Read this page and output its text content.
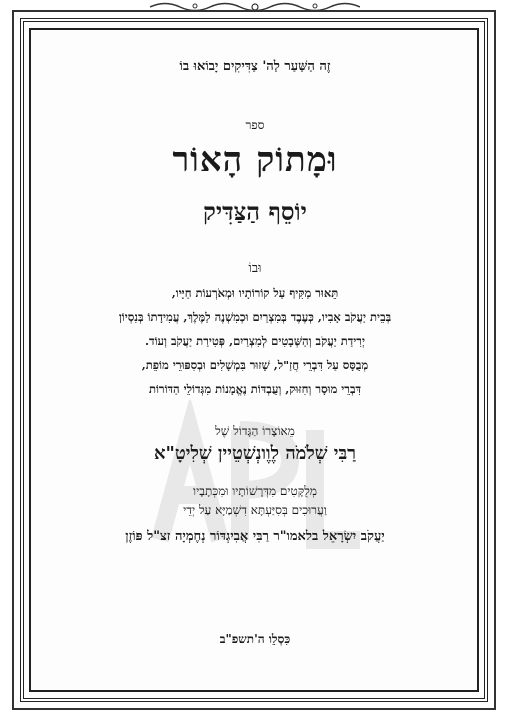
זֶה הַשַּׁעַר לַה' צַדִּיקִים יָבוֹאוּ בוֹ
ספר
וּמָתוֹק הָאוֹר
יוֹסֵף הַצַּדִּיק
וּבוֹ
תֵּאוּר מַקִּיף עַל קוֹרוֹתָיו וּמְאֹרְעוֹת חַיָּיו,
בְּבֵית יַעֲקֹב אָבִיו, כְּעֶבֶד בְּמִצְרַיִם וּכְמִשְׁנֶה לַמֶּלֶךְ, עֲמִידָתוֹ בְּנִסְיוֹן
יְרִידַת יַעֲקֹב וְהַשְּׁבָטִים לְמִצְרַיִם, פְּטִירַת יַעֲקֹב וְעוֹד.
מְבֻסָּס עַל דִּבְרֵי חֲזַ"ל, שָׁזוּר בִּמְשָׁלִים וּבְסִפּוּרֵי מוֹפֵת,
דִּבְרֵי מוּסָר וְחִזּוּק, וְעֻבְדּוֹת נֶאֱמָנוֹת מִגְּדוֹלֵי הַדּוֹרוֹת
מֵאוֹצָרוֹ הַגָּדוֹל שֶׁל
רַבִּי שְׁלֹמֹה לֶוֶונְשְׁטֵיין שְׁלִיטָ"א
מְלֻקָּטִים מִדְּרָשׁוֹתָיו וּמִכְּתָבָיו
וַעֲרוּכִים בְּסִיַּעְתָּא דִשְׁמַיָּא עַל יְדֵי
יַעֲקֹב יִשְׂרָאֵל בלאמו"ר רַבִּי אֲבִיגְדּוֹר נְחֶמְיָה זצ"ל פּוֹזֶן
כִּסְלֵו ה'תשפ"ב
